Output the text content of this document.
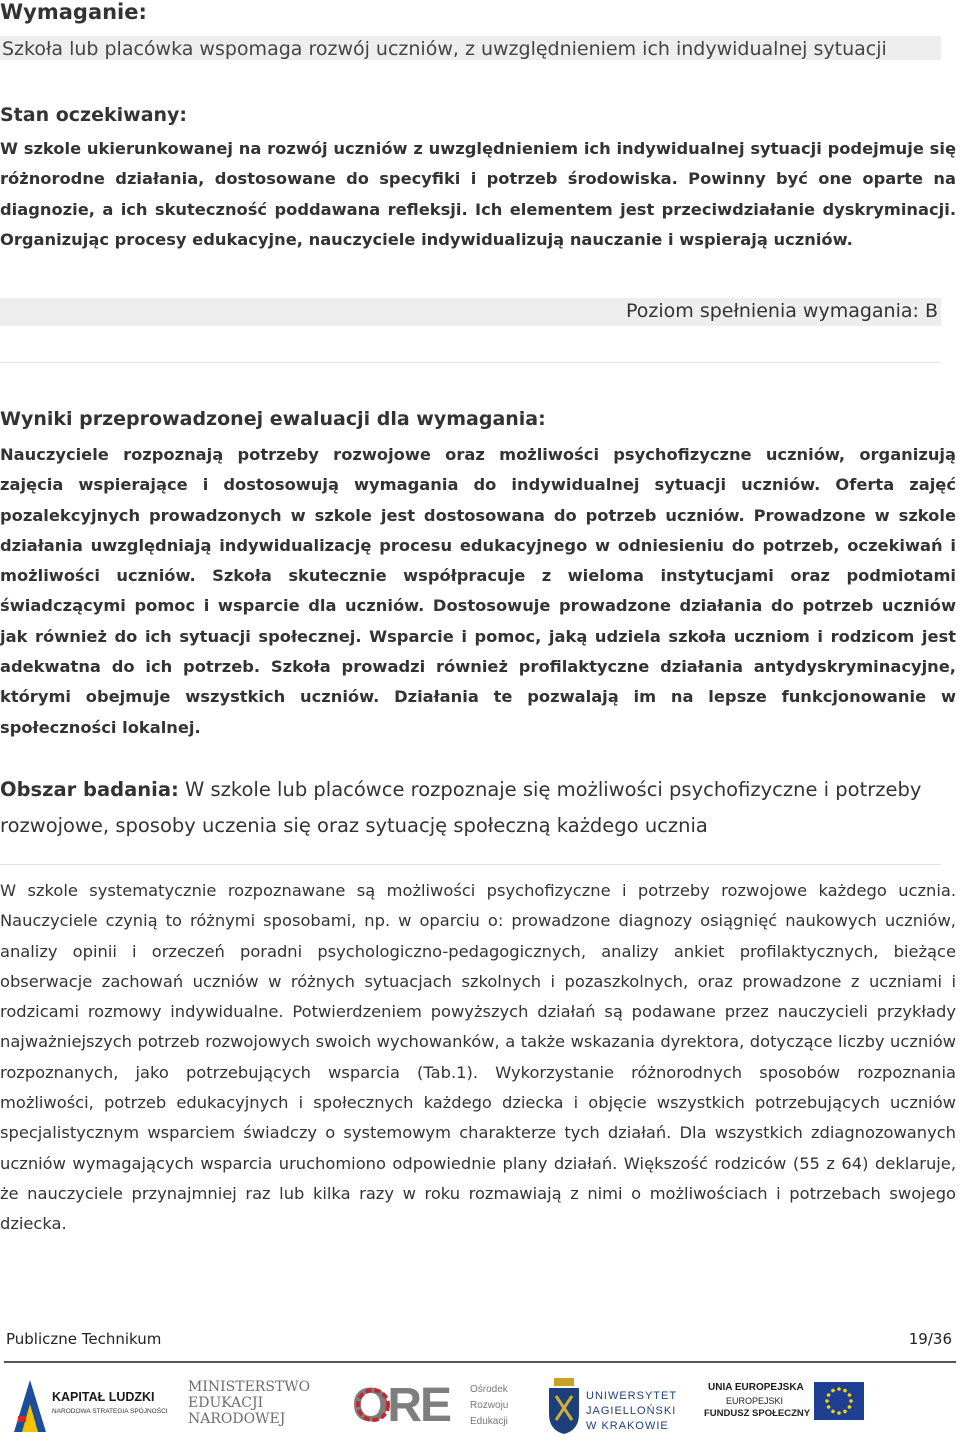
Wymaganie:
Szkoła lub placówka wspomaga rozwój uczniów, z uwzględnieniem ich indywidualnej sytuacji
Stan oczekiwany:
W szkole ukierunkowanej na rozwój uczniów z uwzględnieniem ich indywidualnej sytuacji podejmuje się różnorodne działania, dostosowane do specyfiki i potrzeb środowiska. Powinny być one oparte na diagnozie, a ich skuteczność poddawana refleksji. Ich elementem jest przeciwdziałanie dyskryminacji. Organizując procesy edukacyjne, nauczyciele indywidualizują nauczanie i wspierają uczniów.
Poziom spełnienia wymagania: B
Wyniki przeprowadzonej ewaluacji dla wymagania:
Nauczyciele rozpoznają potrzeby rozwojowe oraz możliwości psychofizyczne uczniów, organizują zajęcia wspierające i dostosowują wymagania do indywidualnej sytuacji uczniów. Oferta zajęć pozalekcyjnych prowadzonych w szkole jest dostosowana do potrzeb uczniów. Prowadzone w szkole działania uwzględniają indywidualizację procesu edukacyjnego w odniesieniu do potrzeb, oczekiwań i możliwości uczniów. Szkoła skutecznie współpracuje z wieloma instytucjami oraz podmiotami świadczącymi pomoc i wsparcie dla uczniów. Dostosowuje prowadzone działania do potrzeb uczniów jak również do ich sytuacji społecznej. Wsparcie i pomoc, jaką udziela szkoła uczniom i rodzicom jest adekwatna do ich potrzeb. Szkoła prowadzi również profilaktyczne działania antydyskryminacyjne, którymi obejmuje wszystkich uczniów. Działania te pozwalają im na lepsze funkcjonowanie w społeczności lokalnej.
Obszar badania: W szkole lub placówce rozpoznaje się możliwości psychofizyczne i potrzeby
rozwojowe, sposoby uczenia się oraz sytuację społeczną każdego ucznia
W szkole systematycznie rozpoznawane są możliwości psychofizyczne i potrzeby rozwojowe każdego ucznia. Nauczyciele czynią to różnymi sposobami, np. w oparciu o: prowadzone diagnozy osiągnięć naukowych uczniów, analizy opinii i orzeczeń poradni psychologiczno-pedagogicznych, analizy ankiet profilaktycznych, bieżące obserwacje zachowań uczniów w różnych sytuacjach szkolnych i pozaszkolnych, oraz prowadzone z uczniami i rodzicami rozmowy indywidualne. Potwierdzeniem powyższych działań są podawane przez nauczycieli przykłady najważniejszych potrzeb rozwojowych swoich wychowanków, a także wskazania dyrektora, dotyczące liczby uczniów rozpoznanych, jako potrzebujących wsparcia (Tab.1). Wykorzystanie różnorodnych sposobów rozpoznania możliwości, potrzeb edukacyjnych i społecznych każdego dziecka i objęcie wszystkich potrzebujących uczniów specjalistycznym wsparciem świadczy o systemowym charakterze tych działań. Dla wszystkich zdiagnozowanych uczniów wymagających wsparcia uruchomiono odpowiednie plany działań. Większość rodziców (55 z 64) deklaruje, że nauczyciele przynajmniej raz lub kilka razy w roku rozmawiają z nimi o możliwościach i potrzebach swojego dziecka.
Publiczne Technikum	19/36
KAPITAŁ LUDZKI
NARODOWA STRATEGIA SPÓJNOŚCI
MINISTERSTWO
EDUKACJI
NARODOWEJ ORE Ośrodek
Rozwoju
Edukacji
UNIWERSYTET
JAGIELLOŃSKI
W KRAKOWIE
UNIA EUROPEJSKA
EUROPEJSKI
FUNDUSZ SPOŁECZNY
